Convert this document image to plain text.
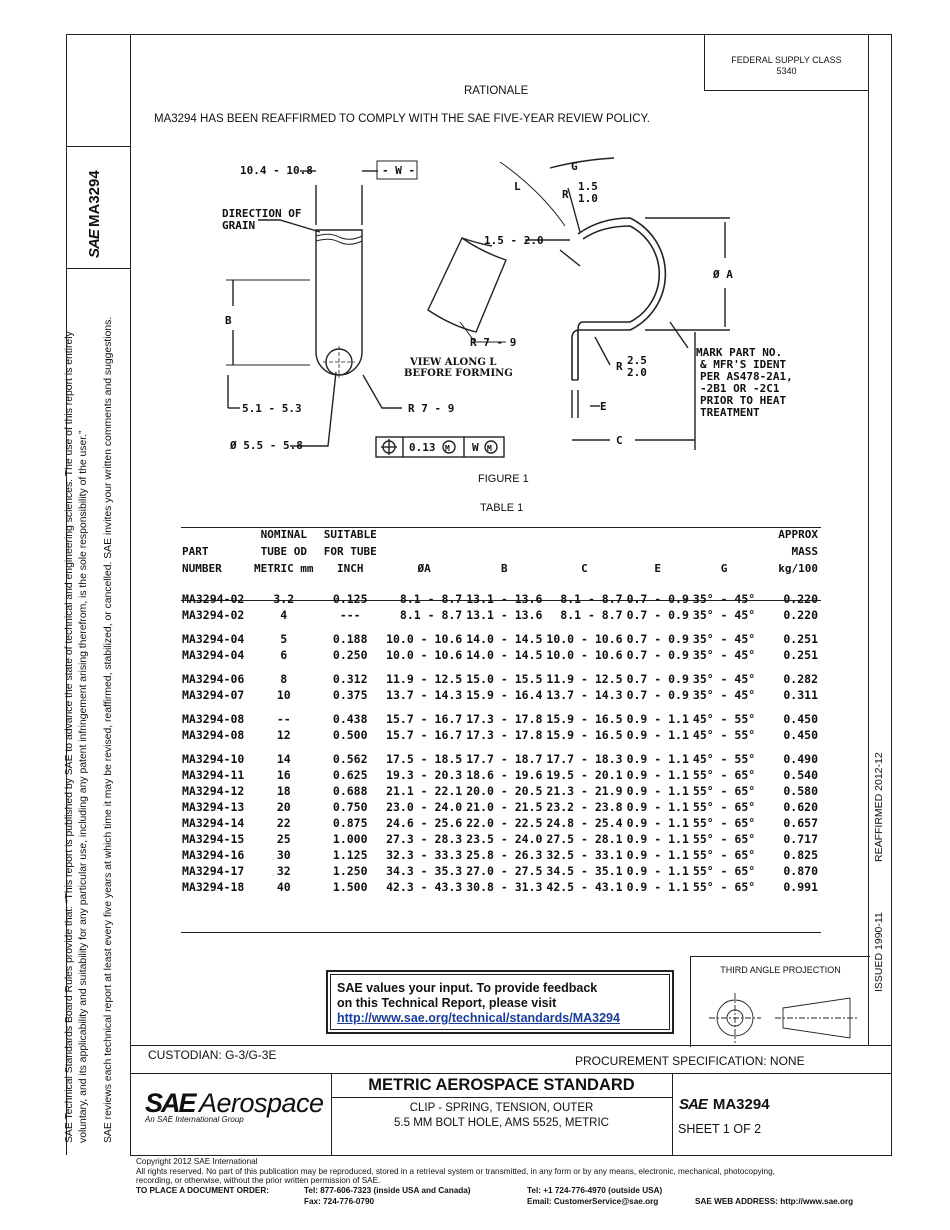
FEDERAL SUPPLY CLASS
5340
SAE MA3294
SAE Technical Standards Board Rules provide that: “This report is published by SAE to advance the state of technical and engineering sciences. The use of this report is entirely voluntary, and its applicability and suitability for any particular use, including any patent infringement arising therefrom, is the sole responsibility of the user.” SAE reviews each technical report at least every five years at which time it may be revised, reaffirmed, stabilized, or cancelled. SAE invites your written comments and suggestions.	ISSUED 1990-11
REAFFIRMED 2012-12
RATIONALE
MA3294 HAS BEEN REAFFIRMED TO COMPLY WITH THE SAE FIVE-YEAR REVIEW POLICY.
10.4 - 10.8	- W -
DIRECTION OF
GRAIN
B
R 7 - 9
R 7 - 9
5.1 - 5.3
Ø 5.5 - 5.8	0.13 M W M
VIEW ALONG L
BEFORE FORMING
G
L
R
1.5
1.0
1.5 - 2.0
Ø A
R 2.5
2.0
E
C
MARK PART NO.
& MFR'S IDENT
PER AS478-2A1,
-2B1 OR -2C1
PRIOR TO HEAT
TREATMENT
FIGURE 1
TABLE 1
PART NUMBER	NOMINAL TUBE OD METRIC mm	SUITABLE FOR TUBE INCH	ØA	B	C	E	G	APPROX MASS kg/100
MA3294-02	3.2	0.125	8.1 - 8.7	13.1 - 13.6	8.1 - 8.7	0.7 - 0.9	35° - 45°	0.220
MA3294-02	4	---	8.1 - 8.7	13.1 - 13.6	8.1 - 8.7	0.7 - 0.9	35° - 45°	0.220
MA3294-04	5	0.188	10.0 - 10.6	14.0 - 14.5	10.0 - 10.6	0.7 - 0.9	35° - 45°	0.251
MA3294-04	6	0.250	10.0 - 10.6	14.0 - 14.5	10.0 - 10.6	0.7 - 0.9	35° - 45°	0.251
MA3294-06	8	0.312	11.9 - 12.5	15.0 - 15.5	11.9 - 12.5	0.7 - 0.9	35° - 45°	0.282
MA3294-07	10	0.375	13.7 - 14.3	15.9 - 16.4	13.7 - 14.3	0.7 - 0.9	35° - 45°	0.311
MA3294-08	--	0.438	15.7 - 16.7	17.3 - 17.8	15.9 - 16.5	0.9 - 1.1	45° - 55°	0.450
MA3294-08	12	0.500	15.7 - 16.7	17.3 - 17.8	15.9 - 16.5	0.9 - 1.1	45° - 55°	0.450
MA3294-10	14	0.562	17.5 - 18.5	17.7 - 18.7	17.7 - 18.3	0.9 - 1.1	45° - 55°	0.490
MA3294-11	16	0.625	19.3 - 20.3	18.6 - 19.6	19.5 - 20.1	0.9 - 1.1	55° - 65°	0.540
MA3294-12	18	0.688	21.1 - 22.1	20.0 - 20.5	21.3 - 21.9	0.9 - 1.1	55° - 65°	0.580
MA3294-13	20	0.750	23.0 - 24.0	21.0 - 21.5	23.2 - 23.8	0.9 - 1.1	55° - 65°	0.620
MA3294-14	22	0.875	24.6 - 25.6	22.0 - 22.5	24.8 - 25.4	0.9 - 1.1	55° - 65°	0.657
MA3294-15	25	1.000	27.3 - 28.3	23.5 - 24.0	27.5 - 28.1	0.9 - 1.1	55° - 65°	0.717
MA3294-16	30	1.125	32.3 - 33.3	25.8 - 26.3	32.5 - 33.1	0.9 - 1.1	55° - 65°	0.825
MA3294-17	32	1.250	34.3 - 35.3	27.0 - 27.5	34.5 - 35.1	0.9 - 1.1	55° - 65°	0.870
MA3294-18	40	1.500	42.3 - 43.3	30.8 - 31.3	42.5 - 43.1	0.9 - 1.1	55° - 65°	0.991
SAE values your input. To provide feedback
on this Technical Report, please visit
http://www.sae.org/technical/standards/MA3294
THIRD ANGLE PROJECTION
CUSTODIAN: G-3/G-3E	PROCUREMENT SPECIFICATION: NONE
SAE Aerospace
An SAE International Group
METRIC AEROSPACE STANDARD
CLIP - SPRING, TENSION, OUTER
5.5 MM BOLT HOLE, AMS 5525, METRIC
SAE MA3294
SHEET 1 OF 2
Copyright 2012 SAE International
All rights reserved. No part of this publication may be reproduced, stored in a retrieval system or transmitted, in any form or by any means, electronic, mechanical, photocopying,
recording, or otherwise, without the prior written permission of SAE.
TO PLACE A DOCUMENT ORDER:	Tel: 877-606-7323 (inside USA and Canada)
Fax: 724-776-0790
Tel: +1 724-776-4970 (outside USA)
Email: CustomerService@sae.org	SAE WEB ADDRESS: http://www.sae.org
